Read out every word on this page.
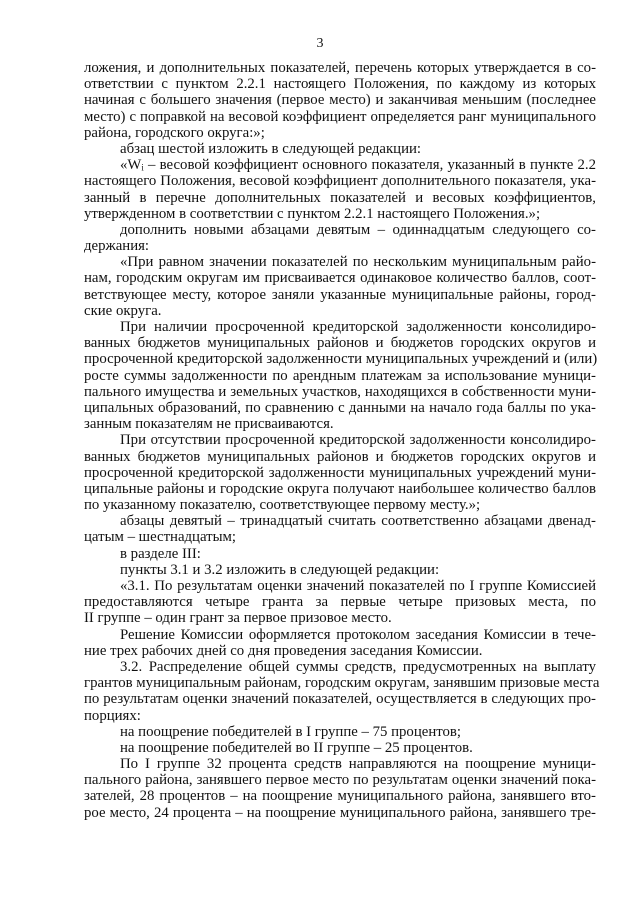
3
ложения, и дополнительных показателей, перечень которых утверждается в со-
ответствии с пунктом 2.2.1 настоящего Положения, по каждому из которых
начиная с большего значения (первое место) и заканчивая меньшим (последнее
место) с поправкой на весовой коэффициент определяется ранг муниципального
района, городского округа:»;
абзац шестой изложить в следующей редакции:
«Wᵢ – весовой коэффициент основного показателя, указанный в пункте 2.2
настоящего Положения, весовой коэффициент дополнительного показателя, ука-
занный в перечне дополнительных показателей и весовых коэффициентов,
утвержденном в соответствии с пунктом 2.2.1 настоящего Положения.»;
дополнить новыми абзацами девятым – одиннадцатым следующего со-
держания:
«При равном значении показателей по нескольким муниципальным райо-
нам, городским округам им присваивается одинаковое количество баллов, соот-
ветствующее месту, которое заняли указанные муниципальные районы, город-
ские округа.
При наличии просроченной кредиторской задолженности консолидиро-
ванных бюджетов муниципальных районов и бюджетов городских округов и
просроченной кредиторской задолженности муниципальных учреждений и (или)
росте суммы задолженности по арендным платежам за использование муници-
пального имущества и земельных участков, находящихся в собственности муни-
ципальных образований, по сравнению с данными на начало года баллы по ука-
занным показателям не присваиваются.
При отсутствии просроченной кредиторской задолженности консолидиро-
ванных бюджетов муниципальных районов и бюджетов городских округов и
просроченной кредиторской задолженности муниципальных учреждений муни-
ципальные районы и городские округа получают наибольшее количество баллов
по указанному показателю, соответствующее первому месту.»;
абзацы девятый – тринадцатый считать соответственно абзацами двенад-
цатым – шестнадцатым;
в разделе III:
пункты 3.1 и 3.2 изложить в следующей редакции:
«3.1. По результатам оценки значений показателей по I группе Комиссией
предоставляются четыре гранта за первые четыре призовых места, по
II группе – один грант за первое призовое место.
Решение Комиссии оформляется протоколом заседания Комиссии в тече-
ние трех рабочих дней со дня проведения заседания Комиссии.
3.2. Распределение общей суммы средств, предусмотренных на выплату
грантов муниципальным районам, городским округам, занявшим призовые места
по результатам оценки значений показателей, осуществляется в следующих про-
порциях:
на поощрение победителей в I группе – 75 процентов;
на поощрение победителей во II группе – 25 процентов.
По I группе 32 процента средств направляются на поощрение муници-
пального района, занявшего первое место по результатам оценки значений пока-
зателей, 28 процентов – на поощрение муниципального района, занявшего вто-
рое место, 24 процента – на поощрение муниципального района, занявшего тре-
